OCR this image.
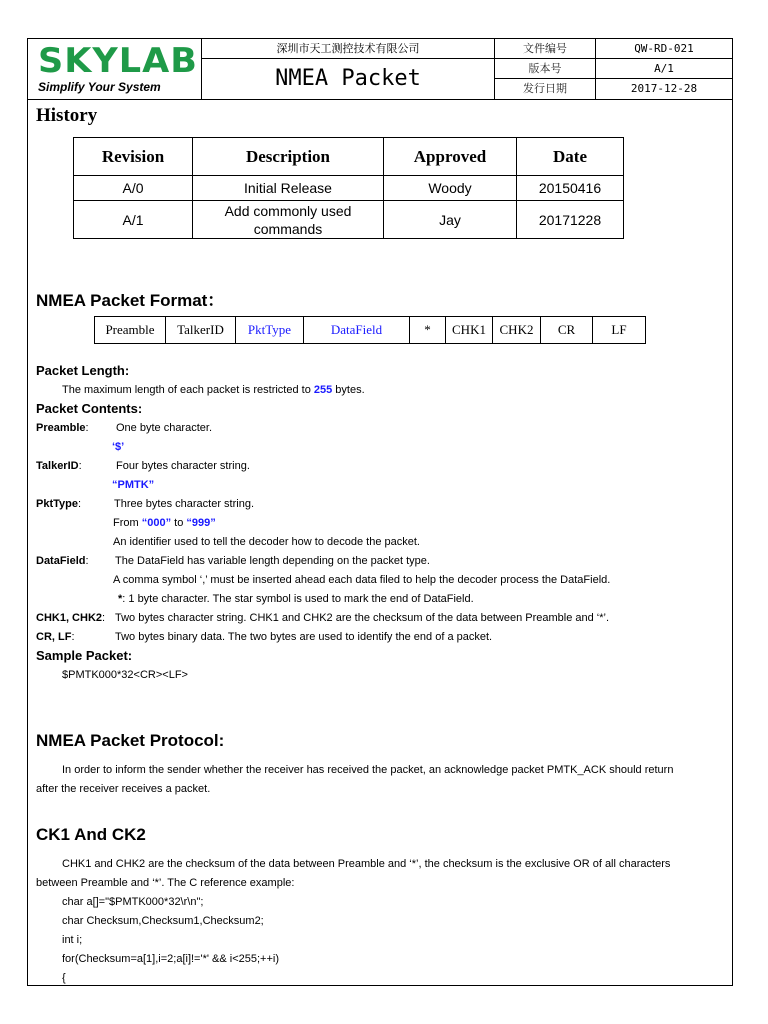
SKYLAB
Simplify Your System
深圳市天工测控技术有限公司
NMEA Packet
文件编号	QW-RD-021
版本号	A/1
发行日期	2017-12-28
History
Revision	Description	Approved	Date
A/0	Initial Release	Woody	20150416
A/1	Add commonly used commands	Jay	20171228
NMEA Packet Format：
Preamble	TalkerID	PktType	DataField	*	CHK1	CHK2	CR	LF
Packet Length:
The maximum length of each packet is restricted to 255 bytes.
Packet Contents:
Preamble: One byte character.
‘$’
TalkerID:	Four bytes character string.
“PMTK”
PktType:	Three bytes character string.
From “000” to “999”
An identifier used to tell the decoder how to decode the packet.
DataField: The DataField has variable length depending on the packet type.
A comma symbol ‘,’ must be inserted ahead each data filed to help the decoder process the DataField.
*: 1 byte character. The star symbol is used to mark the end of DataField.
CHK1, CHK2: Two bytes character string. CHK1 and CHK2 are the checksum of the data between Preamble and ‘*’.
CR, LF:	Two bytes binary data. The two bytes are used to identify the end of a packet.
Sample Packet:
$PMTK000*32<CR><LF>
NMEA Packet Protocol:
In order to inform the sender whether the receiver has received the packet, an acknowledge packet PMTK_ACK should return
after the receiver receives a packet.
CK1 And CK2
CHK1 and CHK2 are the checksum of the data between Preamble and ‘*’, the checksum is the exclusive OR of all characters
between Preamble and ‘*’. The C reference example:
char a[]="$PMTK000*32\r\n";
char Checksum,Checksum1,Checksum2;
int i;
for(Checksum=a[1],i=2;a[i]!='*' && i<255;++i)
{
